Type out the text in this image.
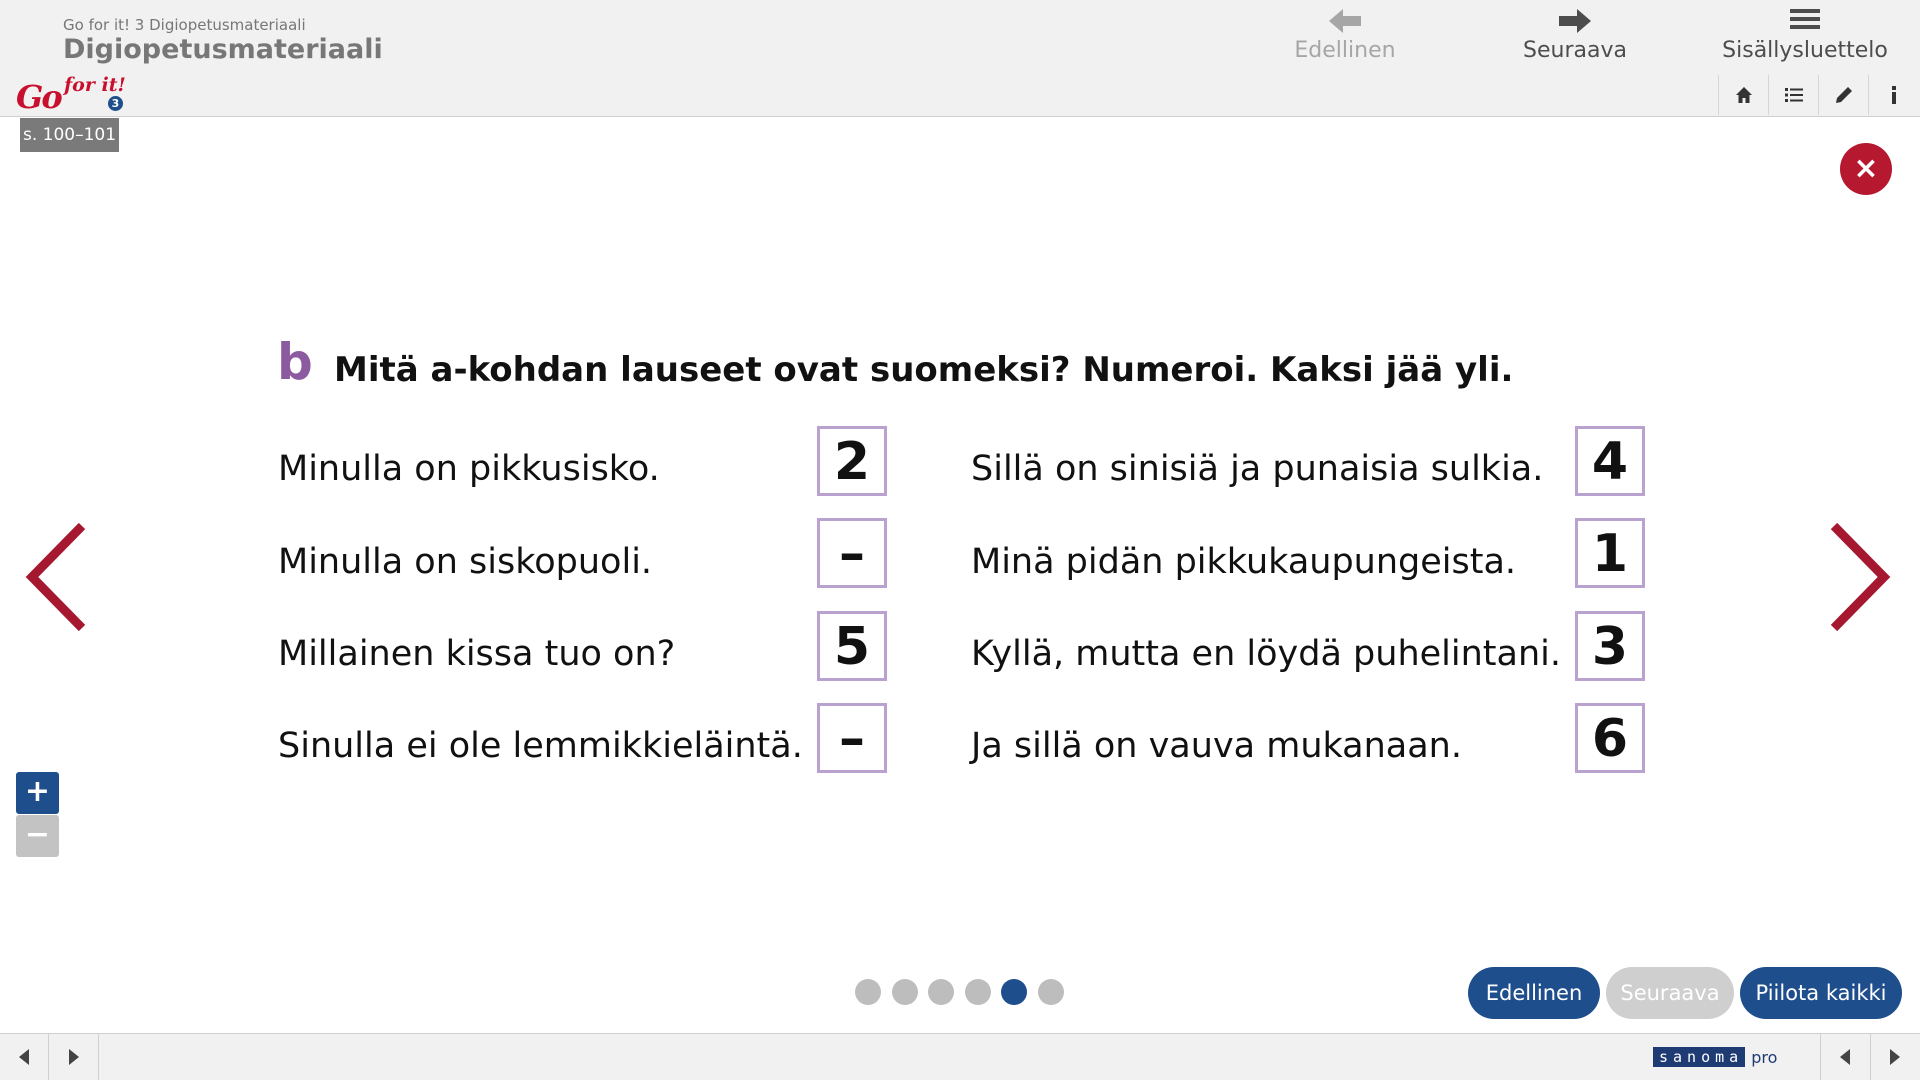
Go for it! 3 Digiopetusmateriaali
Digiopetusmateriaali
Go for it!
3
Edellinen	Seuraava	Sisällysluettelo
s. 100–101
×
b Mitä a-kohdan lauseet ovat suomeksi? Numeroi. Kaksi jää yli.
Minulla on pikkusisko.	2
Minulla on siskopuoli.	–
Millainen kissa tuo on?	5
Sinulla ei ole lemmikkieläintä. –
Sillä on sinisiä ja punaisia sulkia. 4
Minä pidän pikkukaupungeista.	1
Kyllä, mutta en löydä puhelintani. 3
Ja sillä on vauva mukanaan.	6
+
−
Edellinen	Seuraava	Piilota kaikki
sanoma pro
